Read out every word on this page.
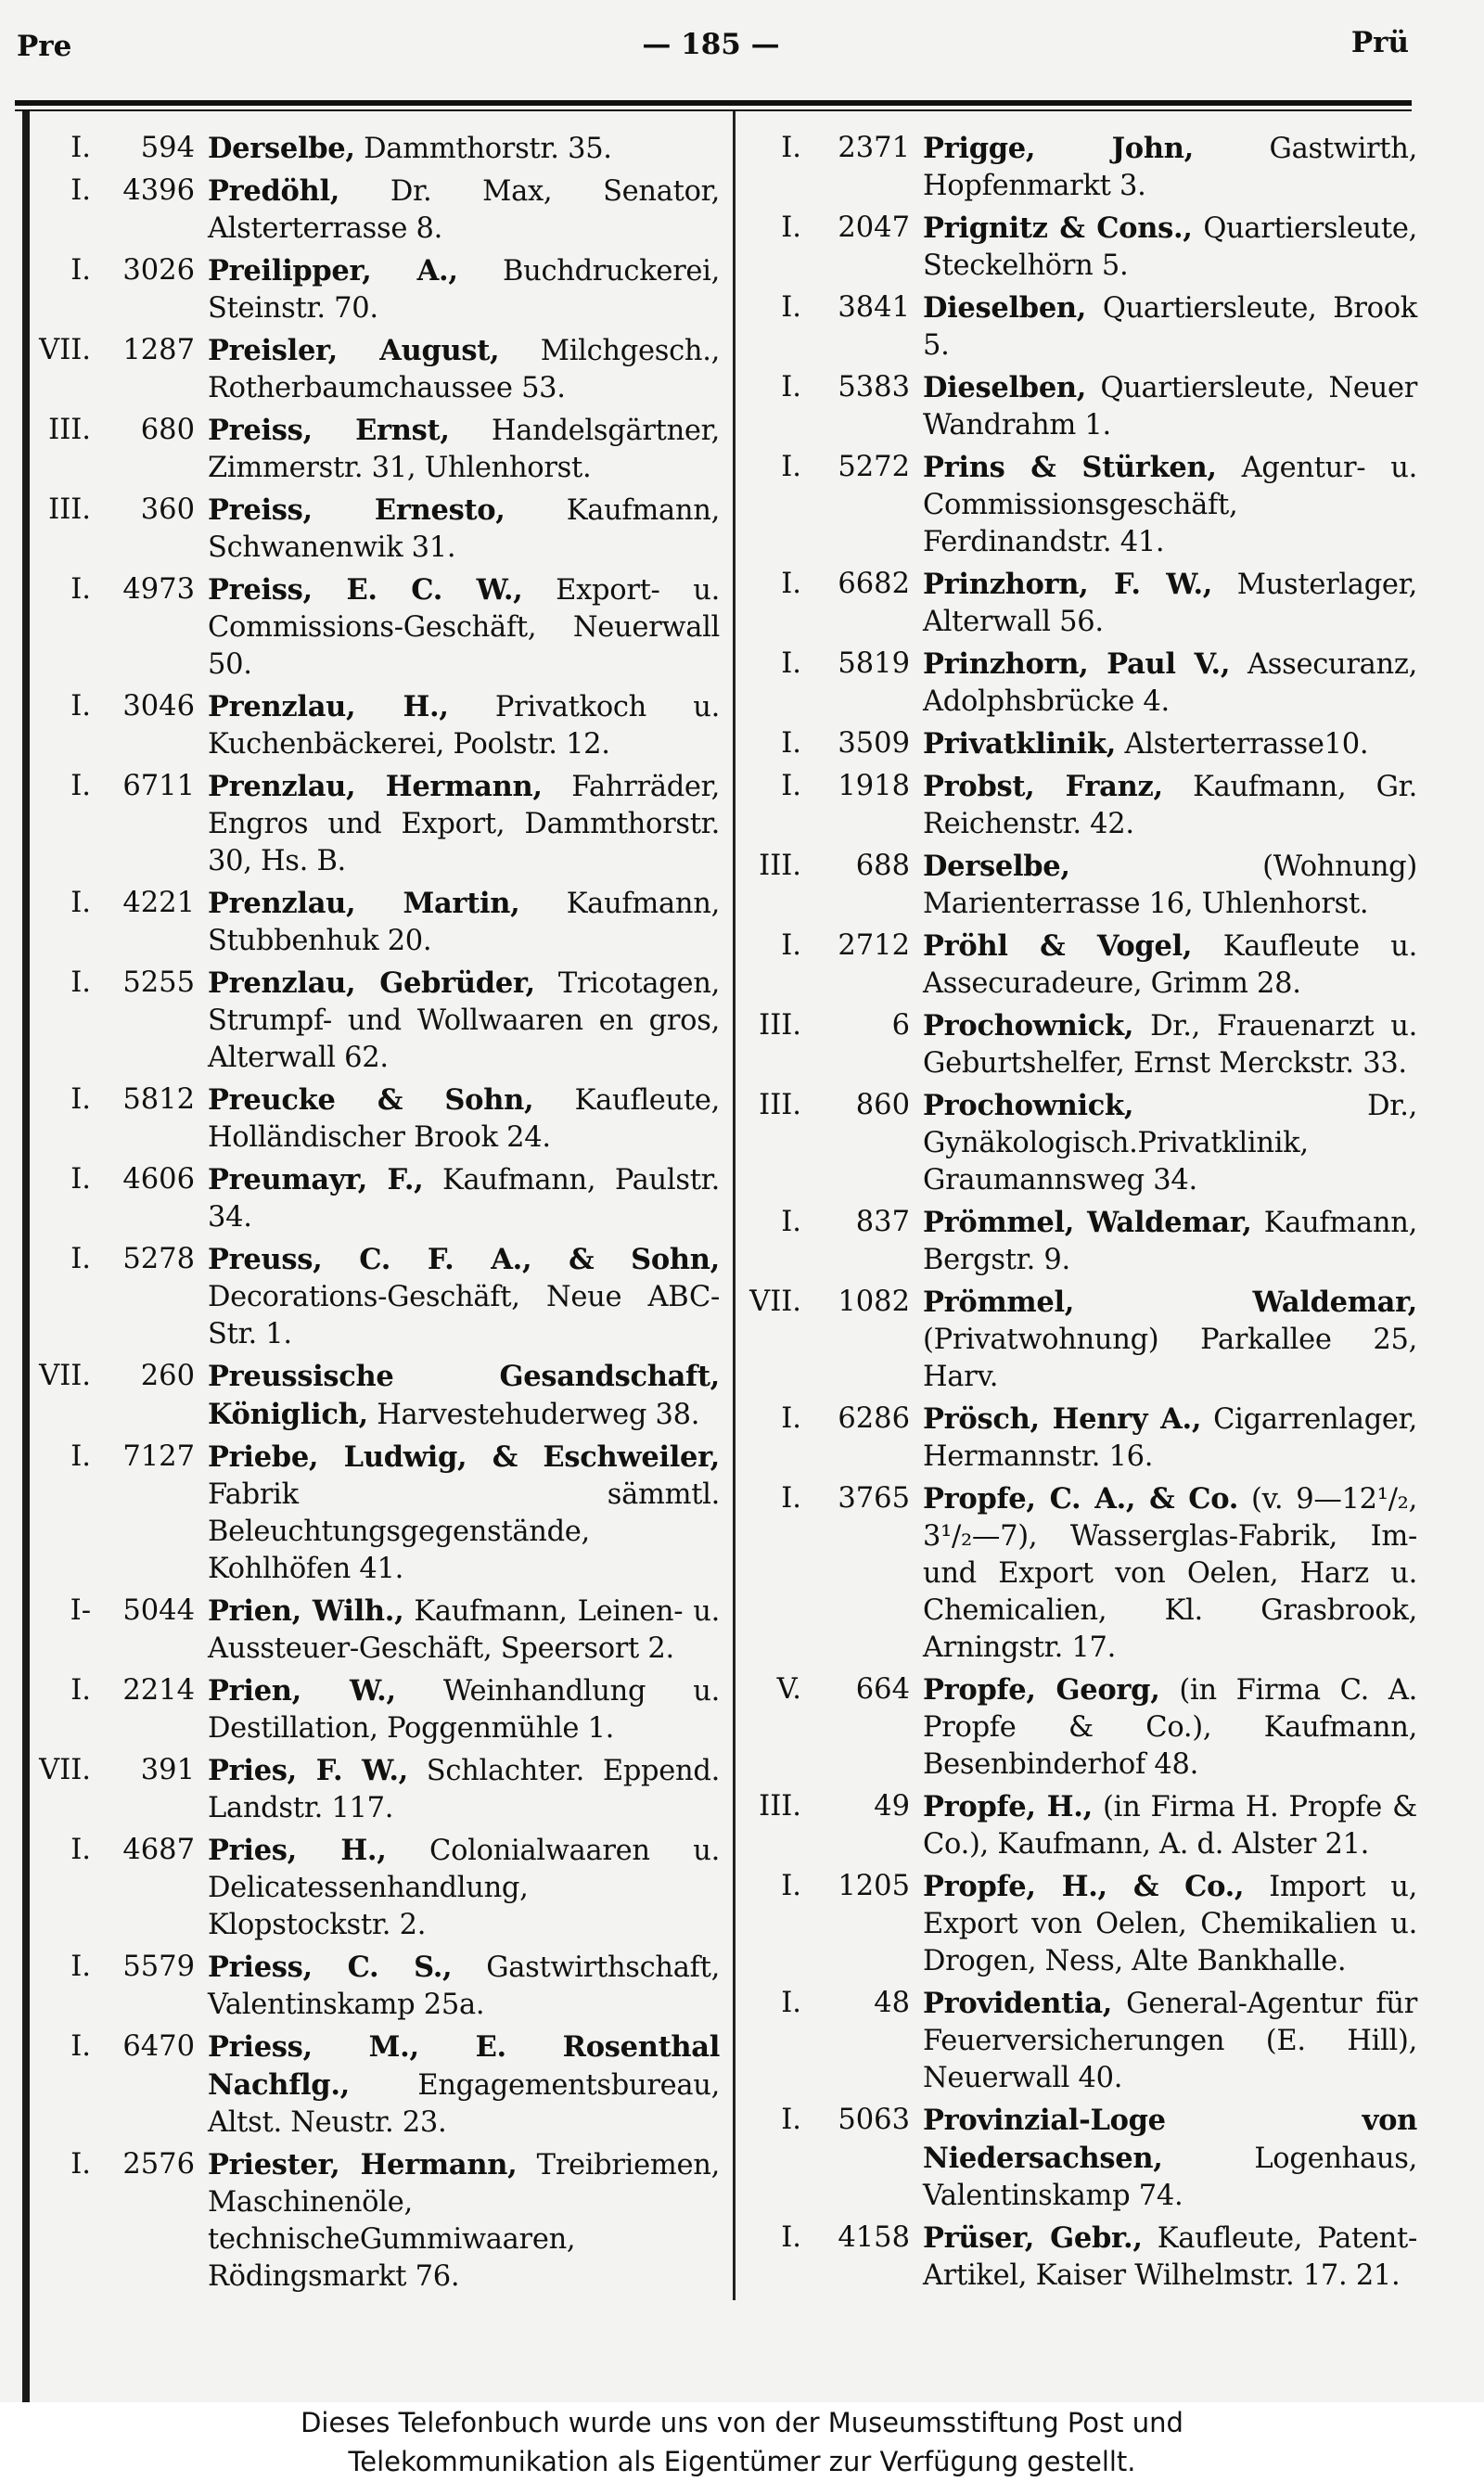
Pre	— 185 —	Prü
I. 594 Derselbe, Dammthorstr. 35.
I. 4396 Predöhl, Dr. Max, Senator, Alsterterrasse 8.
I. 3026 Preilipper, A., Buchdruckerei, Steinstr. 70.
VII. 1287 Preisler, August, Milchgesch., Rotherbaumchaussee 53.
III. 680 Preiss, Ernst, Handelsgärtner, Zimmerstr. 31, Uhlenhorst.
III. 360 Preiss, Ernesto, Kaufmann, Schwanenwik 31.
I. 4973 Preiss, E. C. W., Export- u. Commissions-Geschäft, Neuerwall 50.
I. 3046 Prenzlau, H., Privatkoch u. Kuchenbäckerei, Poolstr. 12.
I. 6711 Prenzlau, Hermann, Fahrräder, Engros und Export, Dammthorstr. 30, Hs. B.
I. 4221 Prenzlau, Martin, Kaufmann, Stubbenhuk 20.
I. 5255 Prenzlau, Gebrüder, Tricotagen, Strumpf- und Wollwaaren en gros, Alterwall 62.
I. 5812 Preucke & Sohn, Kaufleute, Holländischer Brook 24.
I. 4606 Preumayr, F., Kaufmann, Paulstr. 34.
I. 5278 Preuss, C. F. A., & Sohn, Decorations-Geschäft, Neue ABC-Str. 1.
VII. 260 Preussische Gesandschaft, Königlich, Harvestehuderweg 38.
I. 7127 Priebe, Ludwig, & Eschweiler, Fabrik sämmtl. Beleuchtungsgegenstände, Kohlhöfen 41.
I- 5044 Prien, Wilh., Kaufmann, Leinen- u. Aussteuer-Geschäft, Speersort 2.
I. 2214 Prien, W., Weinhandlung u. Destillation, Poggenmühle 1.
VII. 391 Pries, F. W., Schlachter. Eppend. Landstr. 117.
I. 4687 Pries, H., Colonialwaaren u. Delicatessenhandlung, Klopstockstr. 2.
I. 5579 Priess, C. S., Gastwirthschaft, Valentinskamp 25a.
I. 6470 Priess, M., E. Rosenthal Nachflg., Engagementsbureau, Altst. Neustr. 23.
I. 2576 Priester, Hermann, Treibriemen, Maschinenöle, technischeGummiwaaren, Rödingsmarkt 76.
I. 2371 Prigge, John, Gastwirth, Hopfenmarkt 3.
I. 2047 Prignitz & Cons., Quartiersleute, Steckelhörn 5.
I. 3841 Dieselben, Quartiersleute, Brook 5.
I. 5383 Dieselben, Quartiersleute, Neuer Wandrahm 1.
I. 5272 Prins & Stürken, Agentur- u. Commissionsgeschäft, Ferdinandstr. 41.
I. 6682 Prinzhorn, F. W., Musterlager, Alterwall 56.
I. 5819 Prinzhorn, Paul V., Assecuranz, Adolphsbrücke 4.
I. 3509 Privatklinik, Alsterterrasse10.
I. 1918 Probst, Franz, Kaufmann, Gr. Reichenstr. 42.
III. 688 Derselbe, (Wohnung) Marienterrasse 16, Uhlenhorst.
I. 2712 Pröhl & Vogel, Kaufleute u. Assecuradeure, Grimm 28.
III.	6 Prochownick, Dr., Frauenarzt u. Geburtshelfer, Ernst Merckstr. 33.
III. 860 Prochownick, Dr., Gynäkologisch.Privatklinik, Graumannsweg 34.
I. 837 Prömmel, Waldemar, Kaufmann, Bergstr. 9.
VII. 1082 Prömmel, Waldemar, (Privatwohnung) Parkallee 25, Harv.
I. 6286 Prösch, Henry A., Cigarrenlager, Hermannstr. 16.
I. 3765 Propfe, C. A., & Co. (v. 9—12¹/₂, 3¹/₂—7), Wasserglas-Fabrik, Im- und Export von Oelen, Harz u. Chemicalien, Kl. Grasbrook, Arningstr. 17.
V. 664 Propfe, Georg, (in Firma C. A. Propfe & Co.), Kaufmann, Besenbinderhof 48.
III.	49 Propfe, H., (in Firma H. Propfe & Co.), Kaufmann, A. d. Alster 21.
I. 1205 Propfe, H., & Co., Import u, Export von Oelen, Chemikalien u. Drogen, Ness, Alte Bankhalle.
I.	48 Providentia, General-Agentur für Feuerversicherungen (E. Hill), Neuerwall 40.
I. 5063 Provinzial-Loge von Niedersachsen, Logenhaus, Valentinskamp 74.
I. 4158 Prüser, Gebr., Kaufleute, Patent-Artikel, Kaiser Wilhelmstr. 17. 21.
Dieses Telefonbuch wurde uns von der Museumsstiftung Post und
Telekommunikation als Eigentümer zur Verfügung gestellt.
